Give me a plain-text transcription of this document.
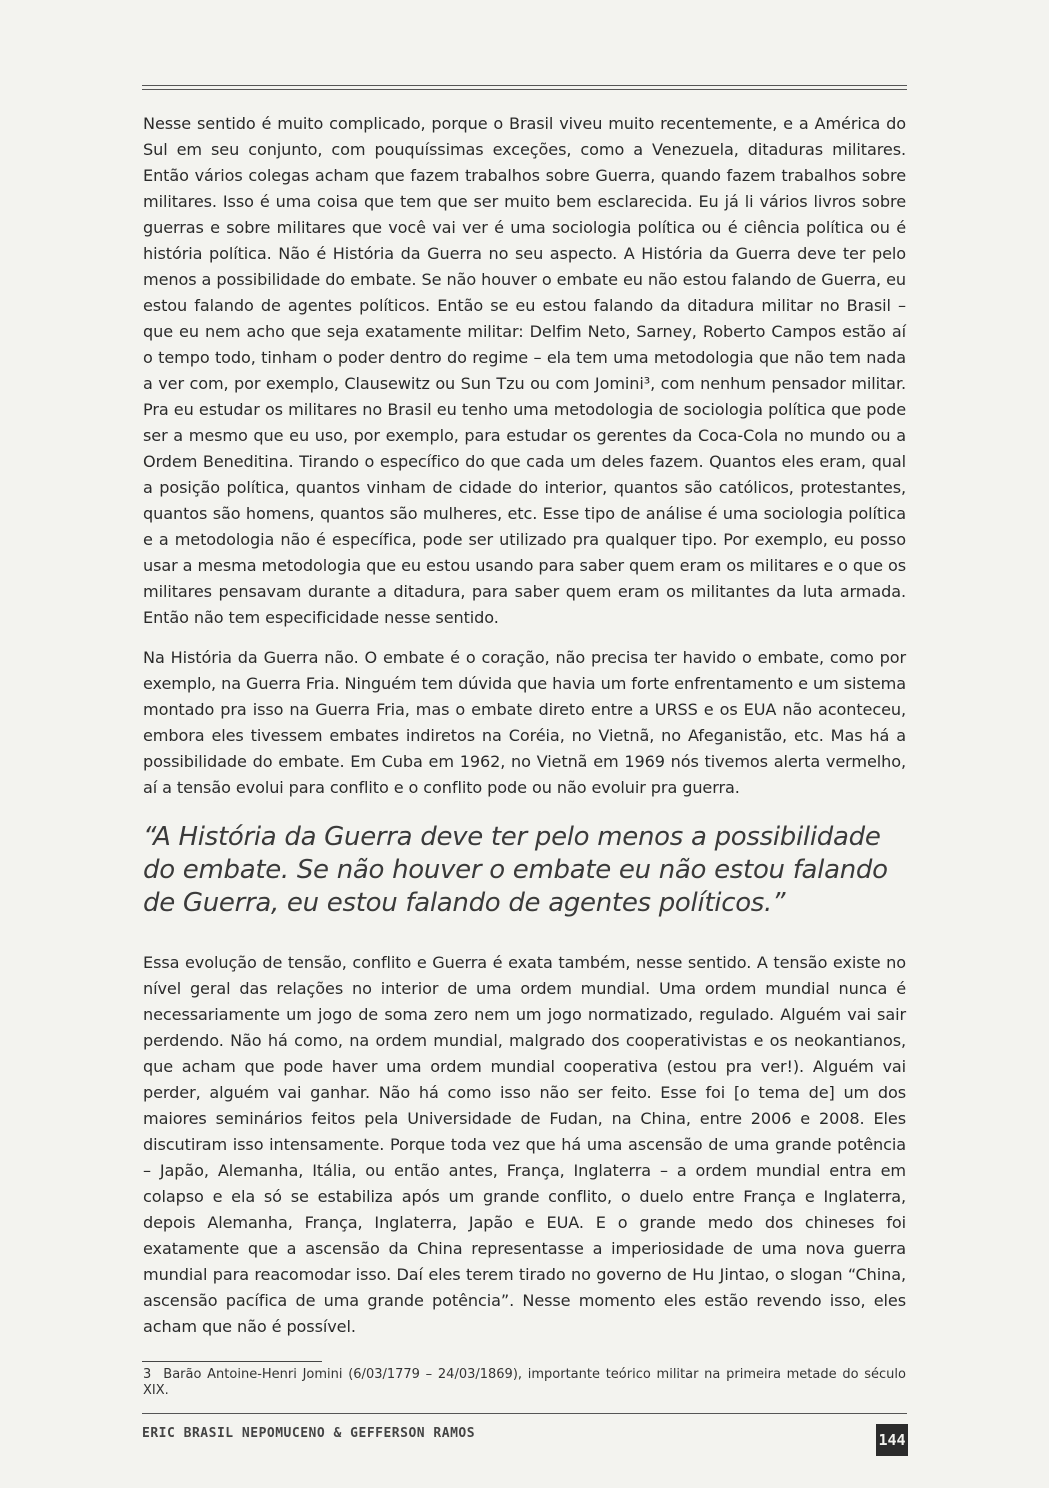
Nesse sentido é muito complicado, porque o Brasil viveu muito recentemente, e a América do Sul em seu conjunto, com pouquíssimas exceções, como a Venezuela, ditaduras militares. Então vários colegas acham que fazem trabalhos sobre Guerra, quando fazem trabalhos sobre militares. Isso é uma coisa que tem que ser muito bem esclarecida. Eu já li vários livros sobre guerras e sobre militares que você vai ver é uma sociologia política ou é ciência política ou é história política. Não é História da Guerra no seu aspecto. A História da Guerra deve ter pelo menos a possibilidade do embate. Se não houver o embate eu não estou falando de Guerra, eu estou falando de agentes políticos. Então se eu estou falando da ditadura militar no Brasil – que eu nem acho que seja exatamente militar: Delfim Neto, Sarney, Roberto Campos estão aí o tempo todo, tinham o poder dentro do regime – ela tem uma metodologia que não tem nada a ver com, por exemplo, Clausewitz ou Sun Tzu ou com Jomini³, com nenhum pensador militar. Pra eu estudar os militares no Brasil eu tenho uma metodologia de sociologia política que pode ser a mesmo que eu uso, por exemplo, para estudar os gerentes da Coca-Cola no mundo ou a Ordem Beneditina. Tirando o específico do que cada um deles fazem. Quantos eles eram, qual a posição política, quantos vinham de cidade do interior, quantos são católicos, protestantes, quantos são homens, quantos são mulheres, etc. Esse tipo de análise é uma sociologia política e a metodologia não é específica, pode ser utilizado pra qualquer tipo. Por exemplo, eu posso usar a mesma metodologia que eu estou usando para saber quem eram os militares e o que os militares pensavam durante a ditadura, para saber quem eram os militantes da luta armada. Então não tem especificidade nesse sentido.

Na História da Guerra não. O embate é o coração, não precisa ter havido o embate, como por exemplo, na Guerra Fria. Ninguém tem dúvida que havia um forte enfrentamento e um sistema montado pra isso na Guerra Fria, mas o embate direto entre a URSS e os EUA não aconteceu, embora eles tivessem embates indiretos na Coréia, no Vietnã, no Afeganistão, etc. Mas há a possibilidade do embate. Em Cuba em 1962, no Vietnã em 1969 nós tivemos alerta vermelho, aí a tensão evolui para conflito e o conflito pode ou não evoluir pra guerra.

“A História da Guerra deve ter pelo menos a possibilidade do embate. Se não houver o embate eu não estou falando de Guerra, eu estou falando de agentes políticos.”

Essa evolução de tensão, conflito e Guerra é exata também, nesse sentido. A tensão existe no nível geral das relações no interior de uma ordem mundial. Uma ordem mundial nunca é necessariamente um jogo de soma zero nem um jogo normatizado, regulado. Alguém vai sair perdendo. Não há como, na ordem mundial, malgrado dos cooperativistas e os neokantianos, que acham que pode haver uma ordem mundial cooperativa (estou pra ver!). Alguém vai perder, alguém vai ganhar. Não há como isso não ser feito. Esse foi [o tema de] um dos maiores seminários feitos pela Universidade de Fudan, na China, entre 2006 e 2008. Eles discutiram isso intensamente. Porque toda vez que há uma ascensão de uma grande potência – Japão, Alemanha, Itália, ou então antes, França, Inglaterra – a ordem mundial entra em colapso e ela só se estabiliza após um grande conflito, o duelo entre França e Inglaterra, depois Alemanha, França, Inglaterra, Japão e EUA. E o grande medo dos chineses foi exatamente que a ascensão da China representasse a imperiosidade de uma nova guerra mundial para reacomodar isso. Daí eles terem tirado no governo de Hu Jintao, o slogan “China, ascensão pacífica de uma grande potência”. Nesse momento eles estão revendo isso, eles acham que não é possível.

3 Barão Antoine-Henri Jomini (6/03/1779 – 24/03/1869), importante teórico militar na primeira metade do século XIX.
ERIC BRASIL NEPOMUCENO & GEFFERSON RAMOS	144
